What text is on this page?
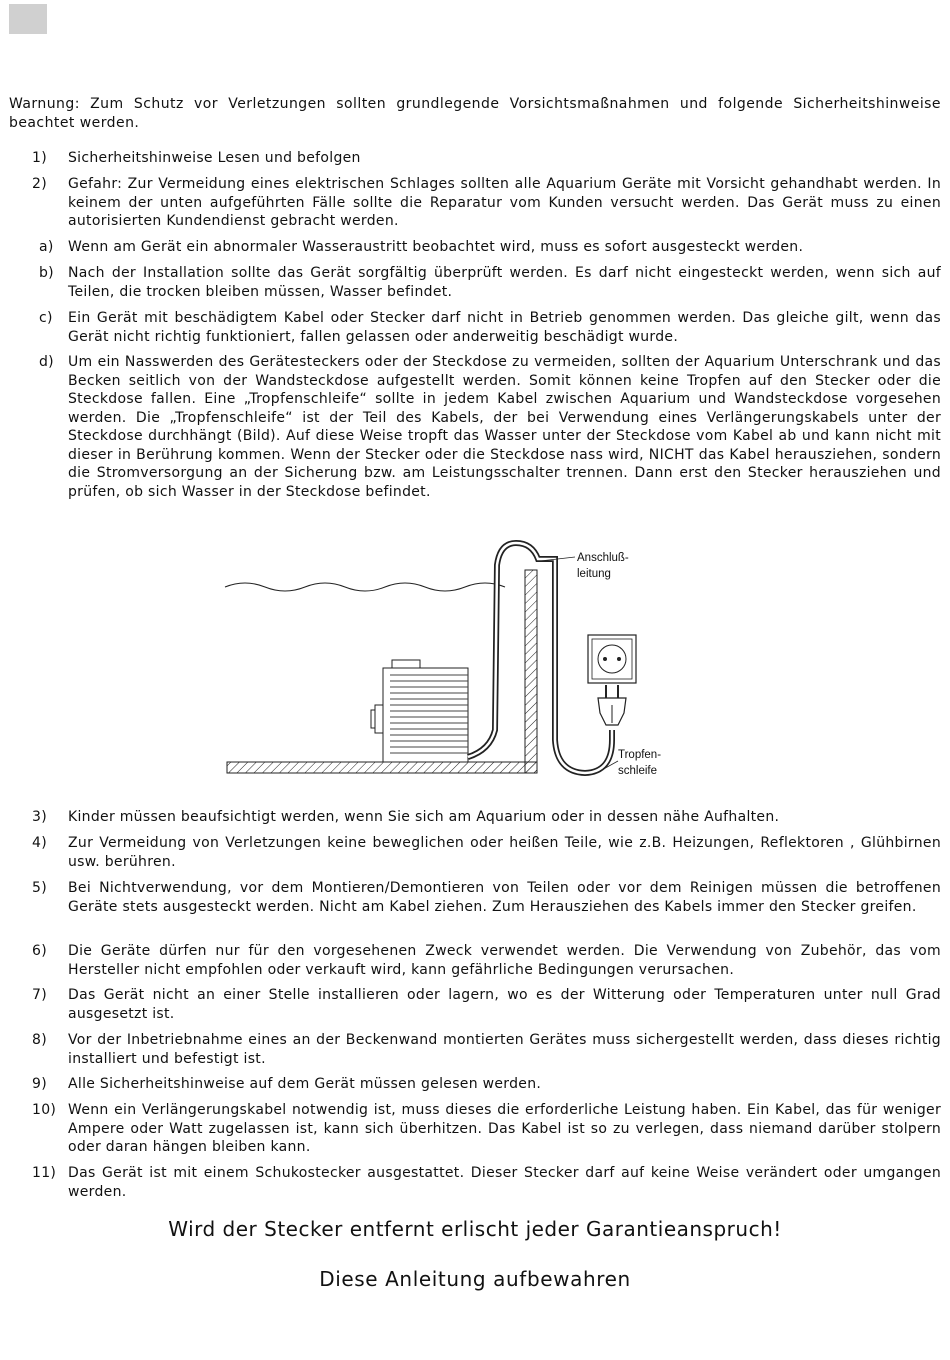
Warnung: Zum Schutz vor Verletzungen sollten grundlegende Vorsichtsmaßnahmen und folgende Sicherheitshinweise beachtet werden.

1)	Sicherheitshinweise Lesen und befolgen
2)	Gefahr: Zur Vermeidung eines elektrischen Schlages sollten alle Aquarium Geräte mit Vorsicht gehandhabt werden. In keinem der unten aufgeführten Fälle sollte die Reparatur vom Kunden versucht werden. Das Gerät muss zu einen autorisierten Kundendienst gebracht werden.
a)	Wenn am Gerät ein abnormaler Wasseraustritt beobachtet wird, muss es sofort ausgesteckt werden.
b)	Nach der Installation sollte das Gerät sorgfältig überprüft werden. Es darf nicht eingesteckt werden, wenn sich auf Teilen, die trocken bleiben müssen, Wasser befindet.
c)	Ein Gerät mit beschädigtem Kabel oder Stecker darf nicht in Betrieb genommen werden. Das gleiche gilt, wenn das Gerät nicht richtig funktioniert, fallen gelassen oder anderweitig beschädigt wurde.
d)	Um ein Nasswerden des Gerätesteckers oder der Steckdose zu vermeiden, sollten der Aquarium Unterschrank und das Becken seitlich von der Wandsteckdose aufgestellt werden. Somit können keine Tropfen auf den Stecker oder die Steckdose fallen. Eine „Tropfenschleife“ sollte in jedem Kabel zwischen Aquarium und Wandsteckdose vorgesehen werden. Die „Tropfenschleife“ ist der Teil des Kabels, der bei Verwendung eines Verlängerungskabels unter der Steckdose durchhängt (Bild). Auf diese Weise tropft das Wasser unter der Steckdose vom Kabel ab und kann nicht mit dieser in Berührung kommen. Wenn der Stecker oder die Steckdose nass wird, NICHT das Kabel herausziehen, sondern die Stromversorgung an der Sicherung bzw. am Leistungsschalter trennen. Dann erst den Stecker herausziehen und prüfen, ob sich Wasser in der Steckdose befindet.
Anschluß-
leitung
Tropfen-
schleife
3)	Kinder müssen beaufsichtigt werden, wenn Sie sich am Aquarium oder in dessen nähe Aufhalten.
4)	Zur Vermeidung von Verletzungen keine beweglichen oder heißen Teile, wie z.B. Heizungen, Reflektoren , Glühbirnen usw. berühren.
5)	Bei Nichtverwendung, vor dem Montieren/Demontieren von Teilen oder vor dem Reinigen müssen die betroffenen Geräte stets ausgesteckt werden. Nicht am Kabel ziehen. Zum Herausziehen des Kabels immer den Stecker greifen.
6)	Die Geräte dürfen nur für den vorgesehenen Zweck verwendet werden. Die Verwendung von Zubehör, das vom Hersteller nicht empfohlen oder verkauft wird, kann gefährliche Bedingungen verursachen.
7)	Das Gerät nicht an einer Stelle installieren oder lagern, wo es der Witterung oder Temperaturen unter null Grad ausgesetzt ist.
8)	Vor der Inbetriebnahme eines an der Beckenwand montierten Gerätes muss sichergestellt werden, dass dieses richtig installiert und befestigt ist.
9)	Alle Sicherheitshinweise auf dem Gerät müssen gelesen werden.
10) Wenn ein Verlängerungskabel notwendig ist, muss dieses die erforderliche Leistung haben. Ein Kabel, das für weniger Ampere oder Watt zugelassen ist, kann sich überhitzen. Das Kabel ist so zu verlegen, dass niemand darüber stolpern oder daran hängen bleiben kann.
11) Das Gerät ist mit einem Schukostecker ausgestattet. Dieser Stecker darf auf keine Weise verändert oder umgangen werden.

Wird der Stecker entfernt erlischt jeder Garantieanspruch!

Diese Anleitung aufbewahren
